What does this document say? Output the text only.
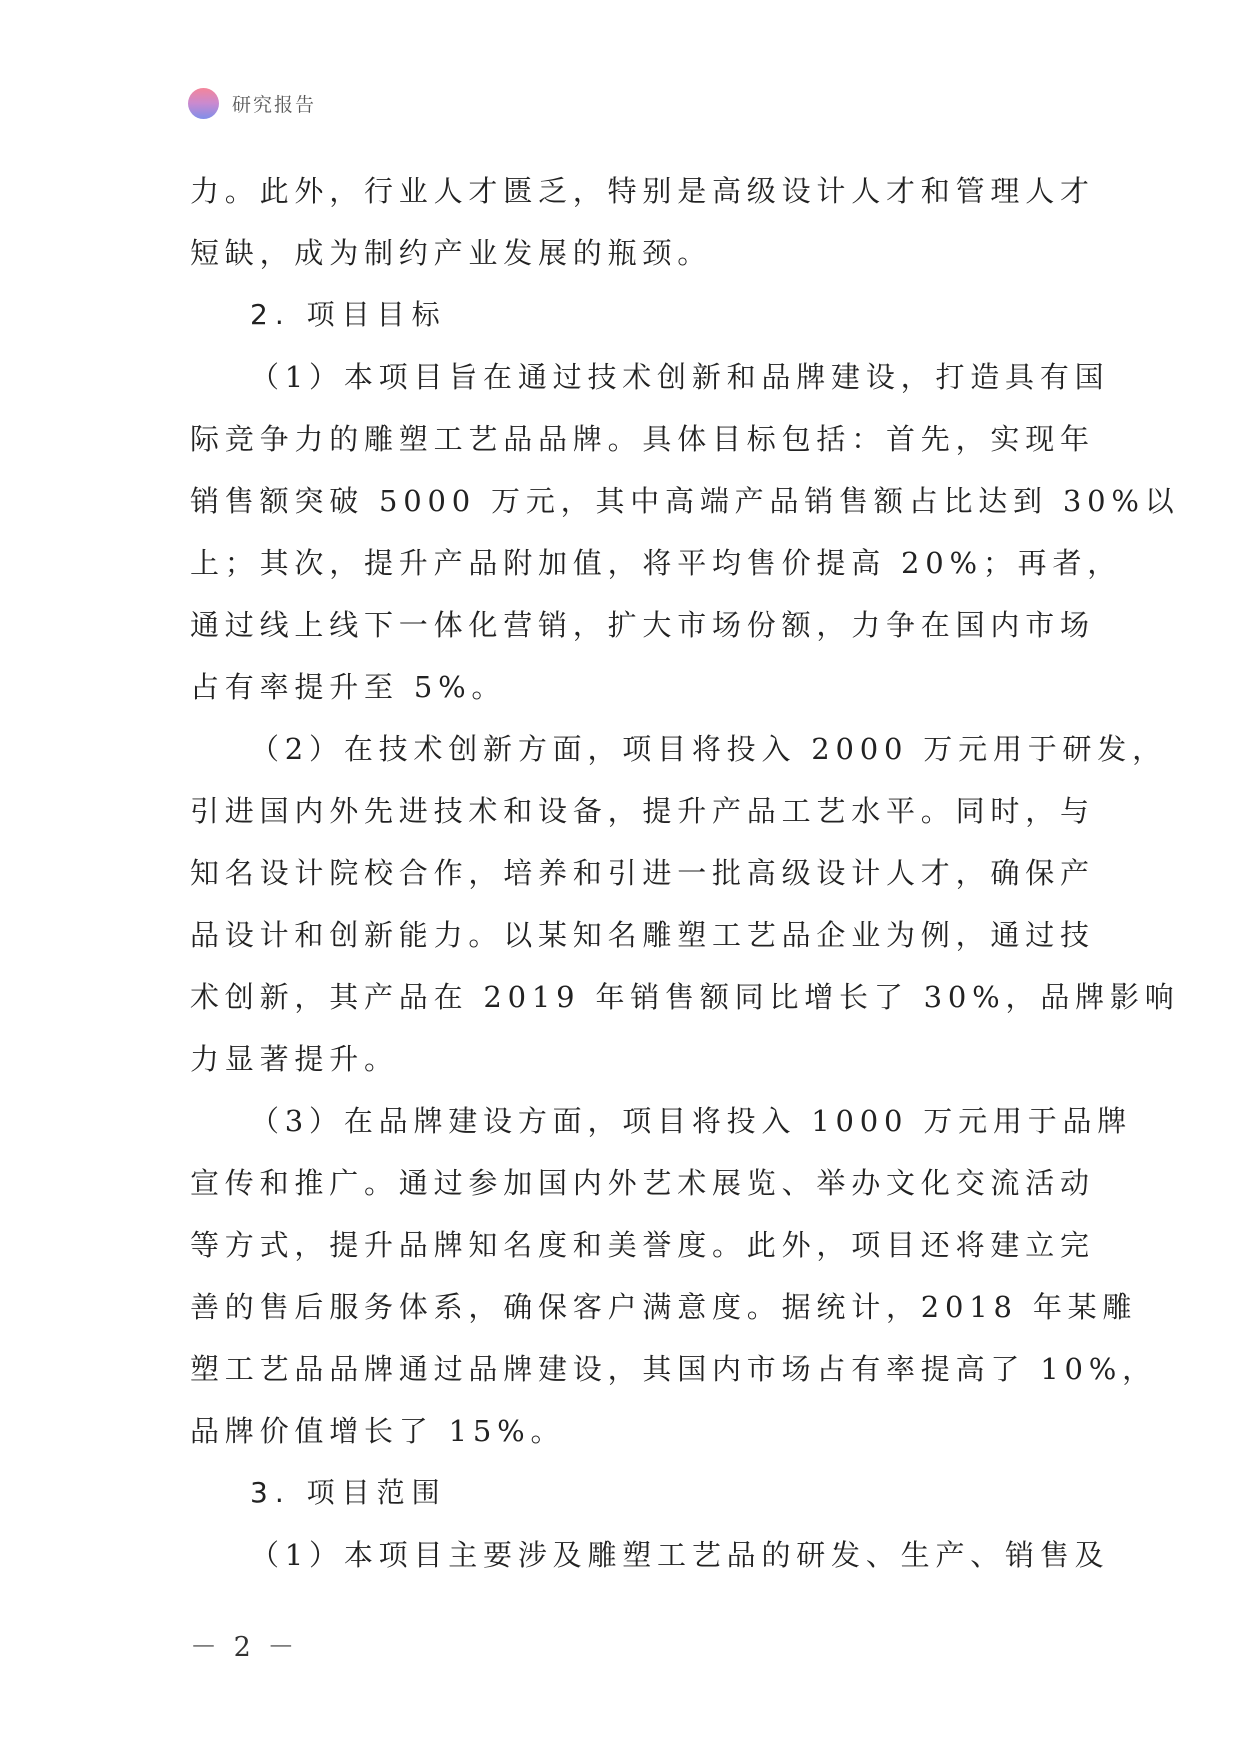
研究报告
力。此外，行业人才匮乏，特别是高级设计人才和管理人才
短缺，成为制约产业发展的瓶颈。
2. 项目目标
（1）本项目旨在通过技术创新和品牌建设，打造具有国
际竞争力的雕塑工艺品品牌。具体目标包括：首先，实现年
销售额突破 5000 万元，其中高端产品销售额占比达到 30%以
上；其次，提升产品附加值，将平均售价提高 20%；再者，
通过线上线下一体化营销，扩大市场份额，力争在国内市场
占有率提升至 5%。
（2）在技术创新方面，项目将投入 2000 万元用于研发，
引进国内外先进技术和设备，提升产品工艺水平。同时，与
知名设计院校合作，培养和引进一批高级设计人才，确保产
品设计和创新能力。以某知名雕塑工艺品企业为例，通过技
术创新，其产品在 2019 年销售额同比增长了 30%，品牌影响
力显著提升。
（3）在品牌建设方面，项目将投入 1000 万元用于品牌
宣传和推广。通过参加国内外艺术展览、举办文化交流活动
等方式，提升品牌知名度和美誉度。此外，项目还将建立完
善的售后服务体系，确保客户满意度。据统计，2018 年某雕
塑工艺品品牌通过品牌建设，其国内市场占有率提高了 10%，
品牌价值增长了 15%。
3. 项目范围
（1）本项目主要涉及雕塑工艺品的研发、生产、销售及
－ 2 －
